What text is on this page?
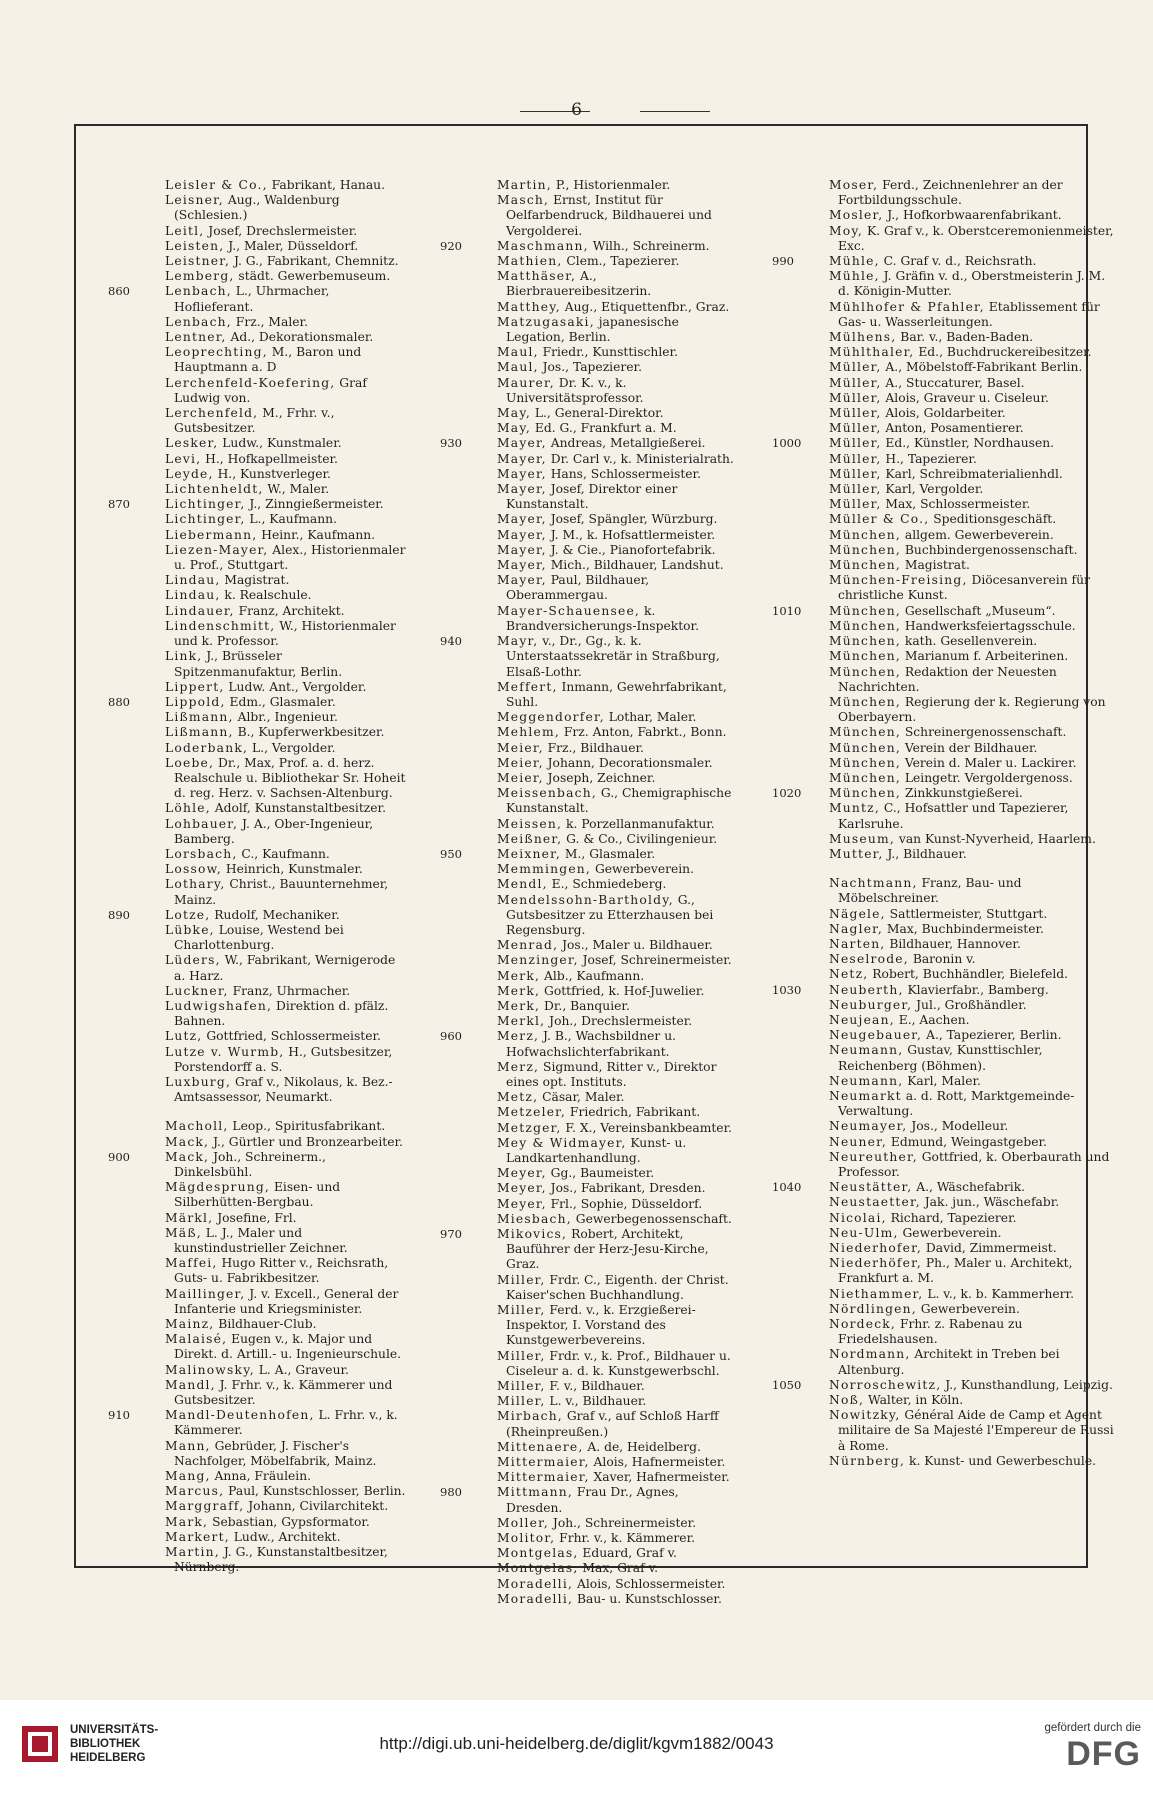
6
Leisler & Co., Fabrikant, Hanau.
Leisner, Aug., Waldenburg (Schlesien.)
Leitl, Josef, Drechslermeister.
Leisten, J., Maler, Düsseldorf.
Leistner, J. G., Fabrikant, Chemnitz.
Lemberg, städt. Gewerbemuseum.
860	Lenbach, L., Uhrmacher, Hoflieferant.
Lenbach, Frz., Maler.
Lentner, Ad., Dekorationsmaler.
Leoprechting, M., Baron und Hauptmann a. D
Lerchenfeld-Koefering, Graf Ludwig von.
Lerchenfeld, M., Frhr. v., Gutsbesitzer.
Lesker, Ludw., Kunstmaler.
Levi, H., Hofkapellmeister.
Leyde, H., Kunstverleger.
Lichtenheldt, W., Maler.
870	Lichtinger, J., Zinngießermeister.
Lichtinger, L., Kaufmann.
Liebermann, Heinr., Kaufmann.
Liezen-Mayer, Alex., Historienmaler u. Prof., Stuttgart.
Lindau, Magistrat.
Lindau, k. Realschule.
Lindauer, Franz, Architekt.
Lindenschmitt, W., Historienmaler und k. Professor.
Link, J., Brüsseler Spitzenmanufaktur, Berlin.
Lippert, Ludw. Ant., Vergolder.
880	Lippold, Edm., Glasmaler.
Lißmann, Albr., Ingenieur.
Lißmann, B., Kupferwerkbesitzer.
Loderbank, L., Vergolder.
Loebe, Dr., Max, Prof. a. d. herz. Realschule u. Bibliothekar Sr. Hoheit d. reg. Herz. v. Sachsen-Altenburg.
Löhle, Adolf, Kunstanstaltbesitzer.
Lohbauer, J. A., Ober-Ingenieur, Bamberg.
Lorsbach, C., Kaufmann.
Lossow, Heinrich, Kunstmaler.
Lothary, Christ., Bauunternehmer, Mainz.
890	Lotze, Rudolf, Mechaniker.
Lübke, Louise, Westend bei Charlottenburg.
Lüders, W., Fabrikant, Wernigerode a. Harz.
Luckner, Franz, Uhrmacher.
Ludwigshafen, Direktion d. pfälz. Bahnen.
Lutz, Gottfried, Schlossermeister.
Lutze v. Wurmb, H., Gutsbesitzer, Porstendorff a. S.
Luxburg, Graf v., Nikolaus, k. Bez.-Amtsassessor, Neumarkt.
Macholl, Leop., Spiritusfabrikant.
Mack, J., Gürtler und Bronzearbeiter.
900	Mack, Joh., Schreinerm., Dinkelsbühl.
Mägdesprung, Eisen- und Silberhütten-Bergbau.
Märkl, Josefine, Frl.
Mäß, L. J., Maler und kunstindustrieller Zeichner.
Maffei, Hugo Ritter v., Reichsrath, Guts- u. Fabrikbesitzer.
Maillinger, J. v. Excell., General der Infanterie und Kriegsminister.
Mainz, Bildhauer-Club.
Malaisé, Eugen v., k. Major und Direkt. d. Artill.- u. Ingenieurschule.
Malinowsky, L. A., Graveur.
Mandl, J. Frhr. v., k. Kämmerer und Gutsbesitzer.
910	Mandl-Deutenhofen, L. Frhr. v., k. Kämmerer.
Mann, Gebrüder, J. Fischer's Nachfolger, Möbelfabrik, Mainz.
Mang, Anna, Fräulein.
Marcus, Paul, Kunstschlosser, Berlin.
Marggraff, Johann, Civilarchitekt.
Mark, Sebastian, Gypsformator.
Markert, Ludw., Architekt.
Martin, J. G., Kunstanstaltbesitzer, Nürnberg.
Martin, P., Historienmaler.
Masch, Ernst, Institut für Oelfarbendruck, Bildhauerei und Vergolderei.
920	Maschmann, Wilh., Schreinerm.
Mathien, Clem., Tapezierer.
Matthäser, A., Bierbrauereibesitzerin.
Matthey, Aug., Etiquettenfbr., Graz.
Matzugasaki, japanesische Legation, Berlin.
Maul, Friedr., Kunsttischler.
Maul, Jos., Tapezierer.
Maurer, Dr. K. v., k. Universitätsprofessor.
May, L., General-Direktor.
May, Ed. G., Frankfurt a. M.
930	Mayer, Andreas, Metallgießerei.
Mayer, Dr. Carl v., k. Ministerialrath.
Mayer, Hans, Schlossermeister.
Mayer, Josef, Direktor einer Kunstanstalt.
Mayer, Josef, Spängler, Würzburg.
Mayer, J. M., k. Hofsattlermeister.
Mayer, J. & Cie., Pianofortefabrik.
Mayer, Mich., Bildhauer, Landshut.
Mayer, Paul, Bildhauer, Oberammergau.
Mayer-Schauensee, k. Brandversicherungs-Inspektor.
940	Mayr, v., Dr., Gg., k. k. Unterstaatssekretär in Straßburg, Elsaß-Lothr.
Meffert, Inmann, Gewehrfabrikant, Suhl.
Meggendorfer, Lothar, Maler.
Mehlem, Frz. Anton, Fabrkt., Bonn.
Meier, Frz., Bildhauer.
Meier, Johann, Decorationsmaler.
Meier, Joseph, Zeichner.
Meissenbach, G., Chemigraphische Kunstanstalt.
Meissen, k. Porzellanmanufaktur.
Meißner, G. & Co., Civilingenieur.
950	Meixner, M., Glasmaler.
Memmingen, Gewerbeverein.
Mendl, E., Schmiedeberg.
Mendelssohn-Bartholdy, G., Gutsbesitzer zu Etterzhausen bei Regensburg.
Menrad, Jos., Maler u. Bildhauer.
Menzinger, Josef, Schreinermeister.
Merk, Alb., Kaufmann.
Merk, Gottfried, k. Hof-Juwelier.
Merk, Dr., Banquier.
Merkl, Joh., Drechslermeister.
960	Merz, J. B., Wachsbildner u. Hofwachslichterfabrikant.
Merz, Sigmund, Ritter v., Direktor eines opt. Instituts.
Metz, Cäsar, Maler.
Metzeler, Friedrich, Fabrikant.
Metzger, F. X., Vereinsbankbeamter.
Mey & Widmayer, Kunst- u. Landkartenhandlung.
Meyer, Gg., Baumeister.
Meyer, Jos., Fabrikant, Dresden.
Meyer, Frl., Sophie, Düsseldorf.
Miesbach, Gewerbegenossenschaft.
970	Mikovics, Robert, Architekt, Bauführer der Herz-Jesu-Kirche, Graz.
Miller, Frdr. C., Eigenth. der Christ. Kaiser'schen Buchhandlung.
Miller, Ferd. v., k. Erzgießerei-Inspektor, I. Vorstand des Kunstgewerbevereins.
Miller, Frdr. v., k. Prof., Bildhauer u. Ciseleur a. d. k. Kunstgewerbschl.
Miller, F. v., Bildhauer.
Miller, L. v., Bildhauer.
Mirbach, Graf v., auf Schloß Harff (Rheinpreußen.)
Mittenaere, A. de, Heidelberg.
Mittermaier, Alois, Hafnermeister.
Mittermaier, Xaver, Hafnermeister.
980	Mittmann, Frau Dr., Agnes, Dresden.
Moller, Joh., Schreinermeister.
Molitor, Frhr. v., k. Kämmerer.
Montgelas, Eduard, Graf v.
Montgelas, Max, Graf v.
Moradelli, Alois, Schlossermeister.
Moradelli, Bau- u. Kunstschlosser.
Moser, Ferd., Zeichnenlehrer an der Fortbildungsschule.
Mosler, J., Hofkorbwaarenfabrikant.
Moy, K. Graf v., k. Oberstceremonienmeister, Exc.
990	Mühle, C. Graf v. d., Reichsrath.
Mühle, J. Gräfin v. d., Oberstmeisterin J. M. d. Königin-Mutter.
Mühlhofer & Pfahler, Etablissement für Gas- u. Wasserleitungen.
Mülhens, Bar. v., Baden-Baden.
Mühlthaler, Ed., Buchdruckereibesitzer.
Müller, A., Möbelstoff-Fabrikant Berlin.
Müller, A., Stuccaturer, Basel.
Müller, Alois, Graveur u. Ciseleur.
Müller, Alois, Goldarbeiter.
Müller, Anton, Posamentierer.
1000	Müller, Ed., Künstler, Nordhausen.
Müller, H., Tapezierer.
Müller, Karl, Schreibmaterialienhdl.
Müller, Karl, Vergolder.
Müller, Max, Schlossermeister.
Müller & Co., Speditionsgeschäft.
München, allgem. Gewerbeverein.
München, Buchbindergenossenschaft.
München, Magistrat.
München-Freising, Diöcesanverein für christliche Kunst.
1010	München, Gesellschaft „Museum“.
München, Handwerksfeiertagsschule.
München, kath. Gesellenverein.
München, Marianum f. Arbeiterinen.
München, Redaktion der Neuesten Nachrichten.
München, Regierung der k. Regierung von Oberbayern.
München, Schreinergenossenschaft.
München, Verein der Bildhauer.
München, Verein d. Maler u. Lackirer.
München, Leingetr. Vergoldergenoss.
1020	München, Zinkkunstgießerei.
Muntz, C., Hofsattler und Tapezierer, Karlsruhe.
Museum, van Kunst-Nyverheid, Haarlem.
Mutter, J., Bildhauer.
Nachtmann, Franz, Bau- und Möbelschreiner.
Nägele, Sattlermeister, Stuttgart.
Nagler, Max, Buchbindermeister.
Narten, Bildhauer, Hannover.
Neselrode, Baronin v.
Netz, Robert, Buchhändler, Bielefeld.
1030	Neuberth, Klavierfabr., Bamberg.
Neuburger, Jul., Großhändler.
Neujean, E., Aachen.
Neugebauer, A., Tapezierer, Berlin.
Neumann, Gustav, Kunsttischler, Reichenberg (Böhmen).
Neumann, Karl, Maler.
Neumarkt a. d. Rott, Marktgemeinde-Verwaltung.
Neumayer, Jos., Modelleur.
Neuner, Edmund, Weingastgeber.
Neureuther, Gottfried, k. Oberbaurath und Professor.
1040	Neustätter, A., Wäschefabrik.
Neustaetter, Jak. jun., Wäschefabr.
Nicolai, Richard, Tapezierer.
Neu-Ulm, Gewerbeverein.
Niederhofer, David, Zimmermeist.
Niederhöfer, Ph., Maler u. Architekt, Frankfurt a. M.
Niethammer, L. v., k. b. Kammerherr.
Nördlingen, Gewerbeverein.
Nordeck, Frhr. z. Rabenau zu Friedelshausen.
Nordmann, Architekt in Treben bei Altenburg.
1050	Norroschewitz, J., Kunsthandlung, Leipzig.
Noß, Walter, in Köln.
Nowitzky, Général Aide de Camp et Agent militaire de Sa Majesté l'Empereur de Russi à Rome.
Nürnberg, k. Kunst- und Gewerbeschule.
UNIVERSITÄTS-
BIBLIOTHEK
HEIDELBERG
http://digi.ub.uni-heidelberg.de/diglit/kgvm1882/0043
gefördert durch die
DFG
